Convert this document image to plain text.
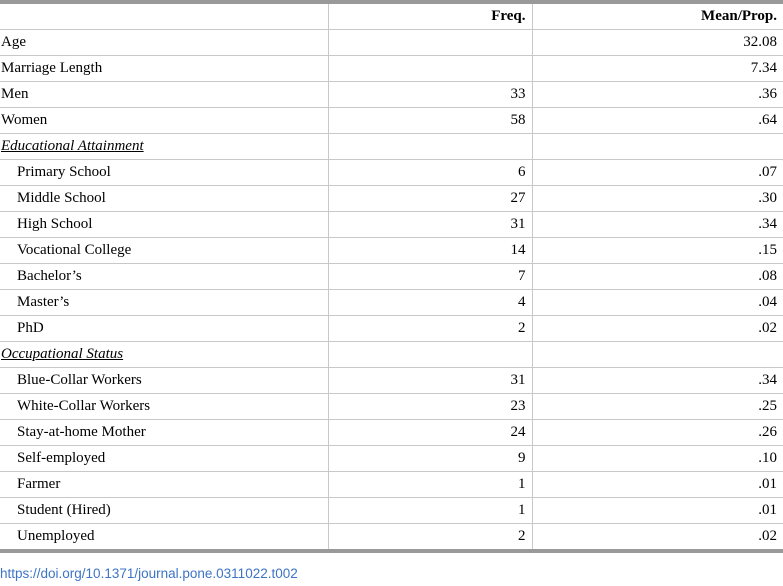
	Freq.	Mean/Prop.
Age		32.08
Marriage Length		7.34
Men	33	.36
Women	58	.64
Educational Attainment		
Primary School	6	.07
Middle School	27	.30
High School	31	.34
Vocational College	14	.15
Bachelor’s	7	.08
Master’s	4	.04
PhD	2	.02
Occupational Status		
Blue-Collar Workers	31	.34
White-Collar Workers	23	.25
Stay-at-home Mother	24	.26
Self-employed	9	.10
Farmer	1	.01
Student (Hired)	1	.01
Unemployed	2	.02
https://doi.org/10.1371/journal.pone.0311022.t002
